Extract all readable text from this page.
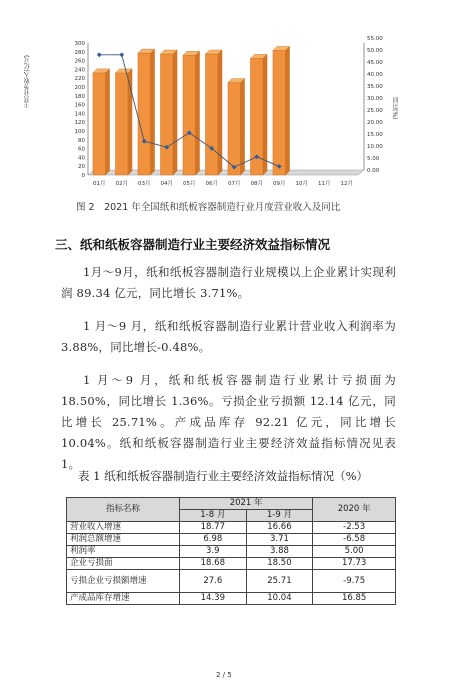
主营业务收入(亿元)
同比(%)
0
20
40
60
80
100
120
140
160
180
200
220
240
260
280
300
0.00
5.00
10.00
15.00
20.00
25.00
30.00
35.00
40.00
45.00
50.00
55.00
01月 02月 03月 04月 05月 06月 07月 08月 09月 10月 11月 12月
图 2　2021 年全国纸和纸板容器制造行业月度营业收入及同比
三、纸和纸板容器制造行业主要经济效益指标情况
1月～9月，纸和纸板容器制造行业规模以上企业累计实现利润 89.34 亿元，同比增长 3.71%。
1 月～9 月，纸和纸板容器制造行业累计营业收入利润率为 3.88%，同比增长-0.48%。
1 月～9 月，纸和纸板容器制造行业累计亏损面为 18.50%，同比增长 1.36%。亏损企业亏损额 12.14 亿元，同比增长 25.71%。产成品库存 92.21 亿元，同比增长 10.04%。纸和纸板容器制造行业主要经济效益指标情况见表 1。
表 1 纸和纸板容器制造行业主要经济效益指标情况（%）
指标名称	2021 年		2020 年
	1-8 月	1-9 月	
营业收入增速	18.77	16.66	-2.53
利润总额增速	6.98	3.71	-6.58
利润率	3.9	3.88	5.00
企业亏损面	18.68	18.50	17.73
亏损企业亏损额增速	27.6	25.71	-9.75
产成品库存增速	14.39	10.04	16.85
2 / 5
